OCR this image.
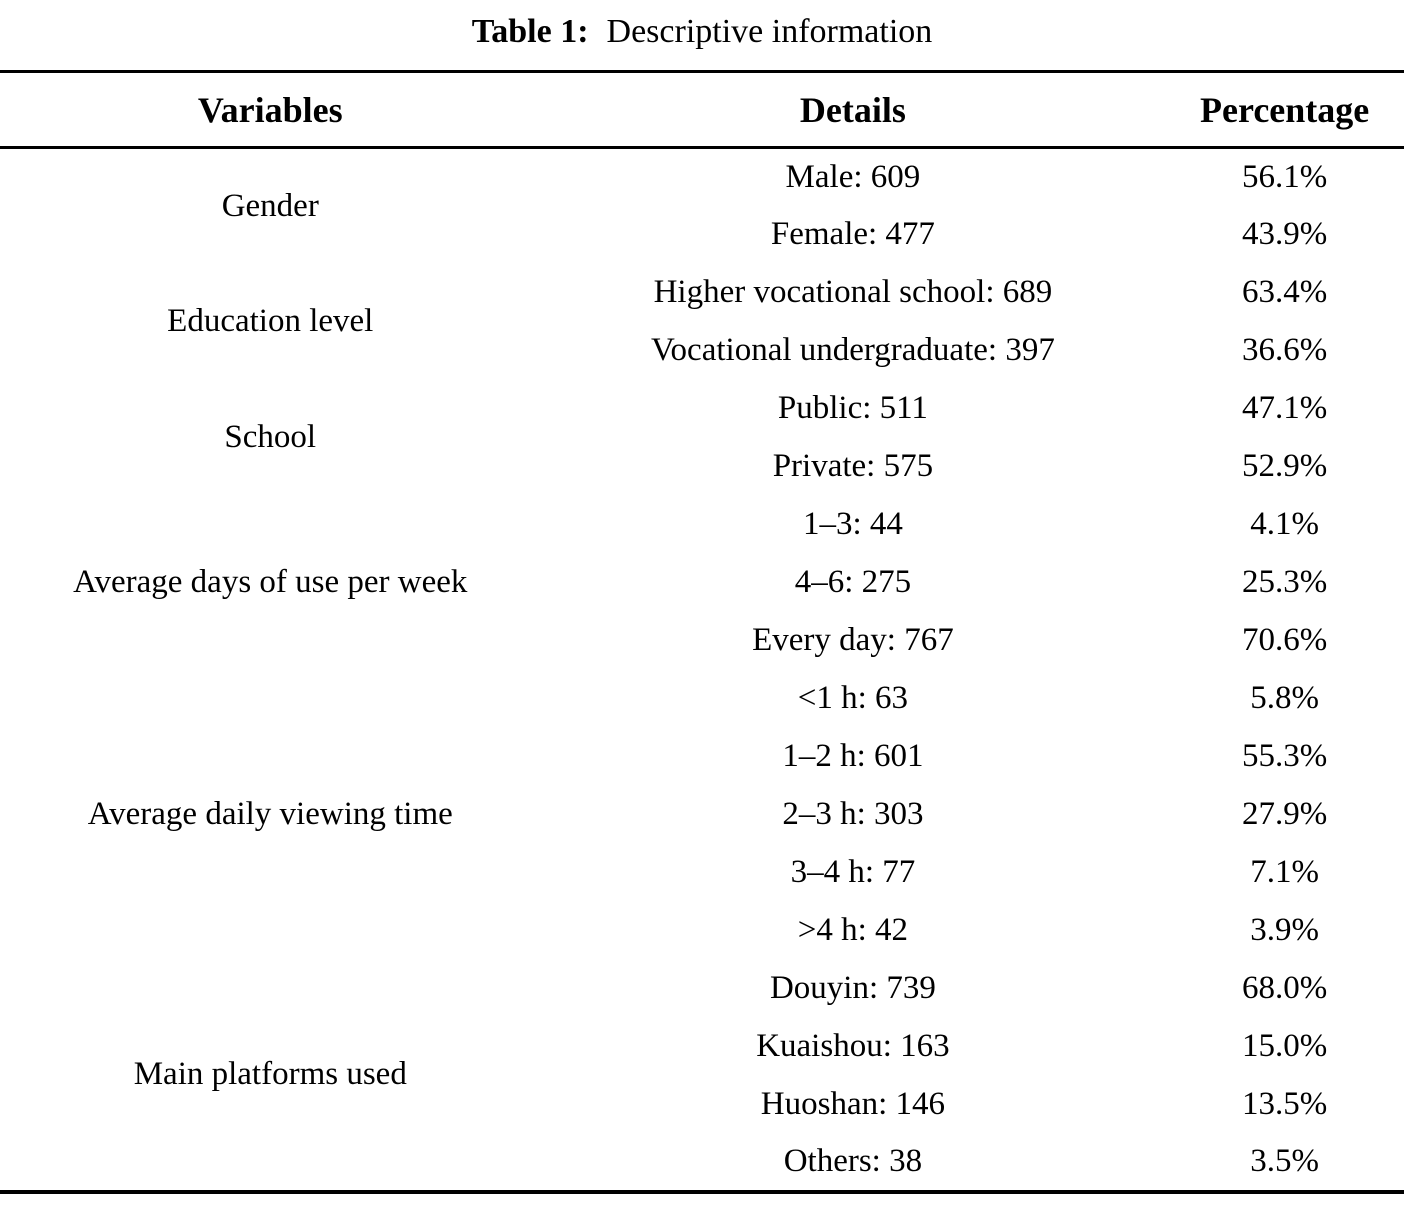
Table 1: Descriptive information
Variables	Details	Percentage
Gender	Male: 609	56.1%
	Female: 477	43.9%
Education level	Higher vocational school: 689	63.4%
	Vocational undergraduate: 397	36.6%
School	Public: 511	47.1%
	Private: 575	52.9%
Average days of use per week	1–3: 44	4.1%
	4–6: 275	25.3%
	Every day: 767	70.6%
Average daily viewing time	<1 h: 63	5.8%
	1–2 h: 601	55.3%
	2–3 h: 303	27.9%
	3–4 h: 77	7.1%
	>4 h: 42	3.9%
Main platforms used	Douyin: 739	68.0%
	Kuaishou: 163	15.0%
	Huoshan: 146	13.5%
	Others: 38	3.5%
